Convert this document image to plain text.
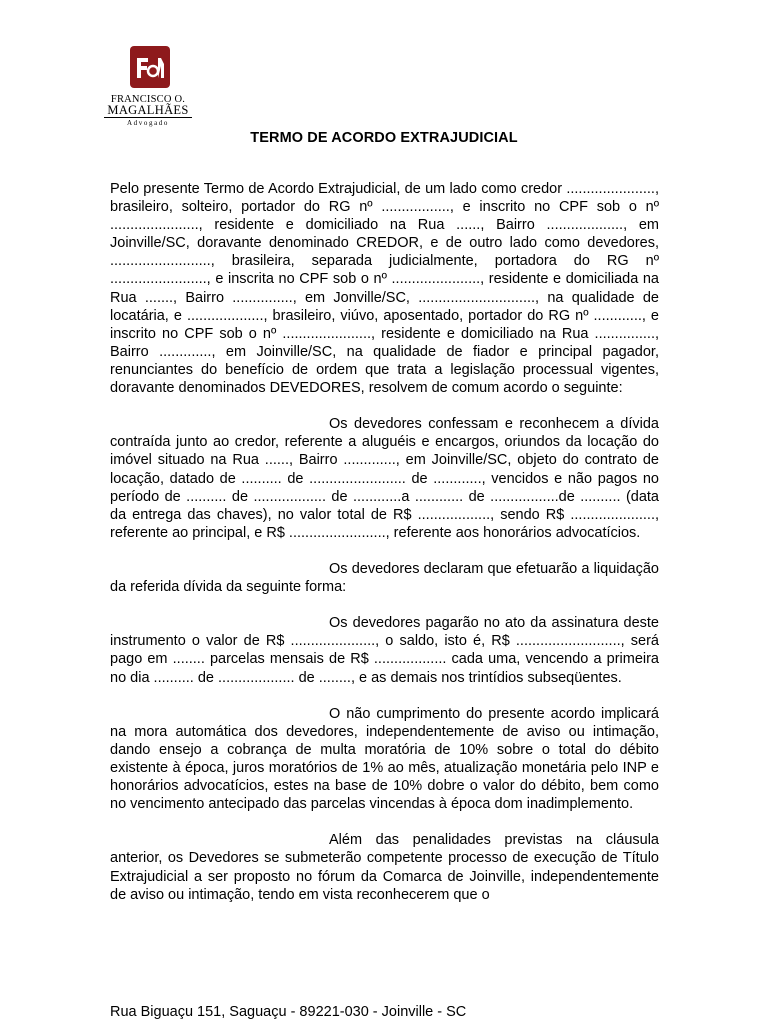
FRANCISCO O.
MAGALHÃES
Advogado
TERMO DE ACORDO EXTRAJUDICIAL

Pelo presente Termo de Acordo Extrajudicial, de um lado como credor ......................, brasileiro, solteiro, portador do RG nº ................., e inscrito no CPF sob o nº ......................, residente e domiciliado na Rua ......, Bairro ..................., em Joinville/SC, doravante denominado CREDOR, e de outro lado como devedores, ........................., brasileira, separada judicialmente, portadora do RG nº ........................, e inscrita no CPF sob o nº ......................, residente e domiciliada na Rua ......., Bairro ..............., em Jonville/SC, ............................., na qualidade de locatária, e ..................., brasileiro, viúvo, aposentado, portador do RG nº ............, e inscrito no CPF sob o nº ......................, residente e domiciliado na Rua ..............., Bairro ............., em Joinville/SC, na qualidade de fiador e principal pagador, renunciantes do benefício de ordem que trata a legislação processual vigentes, doravante denominados DEVEDORES, resolvem de comum acordo o seguinte:

Os devedores confessam e reconhecem a dívida contraída junto ao credor, referente a aluguéis e encargos, oriundos da locação do imóvel situado na Rua ......, Bairro ............., em Joinville/SC, objeto do contrato de locação, datado de .......... de ........................ de ............, vencidos e não pagos no período de .......... de .................. de ............a ............ de .................de .......... (data da entrega das chaves), no valor total de R$ .................., sendo R$ ....................., referente ao principal, e R$ ........................, referente aos honorários advocatícios.

Os devedores declaram que efetuarão a liquidação da referida dívida da seguinte forma:

Os devedores pagarão no ato da assinatura deste instrumento o valor de R$ ....................., o saldo, isto é, R$ .........................., será pago em ........ parcelas mensais de R$ .................. cada uma, vencendo a primeira no dia .......... de ................... de ........, e as demais nos trintídios subseqüentes.

O não cumprimento do presente acordo implicará na mora automática dos devedores, independentemente de aviso ou intimação, dando ensejo a cobrança de multa moratória de 10% sobre o total do débito existente à época, juros moratórios de 1% ao mês, atualização monetária pelo INP e honorários advocatícios, estes na base de 10% dobre o valor do débito, bem como no vencimento antecipado das parcelas vincendas à época dom inadimplemento.

Além das penalidades previstas na cláusula anterior, os Devedores se submeterão competente processo de execução de Título Extrajudicial a ser proposto no fórum da Comarca de Joinville, independentemente de aviso ou intimação, tendo em vista reconhecerem que o

Rua Biguaçu 151, Saguaçu - 89221-030 - Joinville - SC
